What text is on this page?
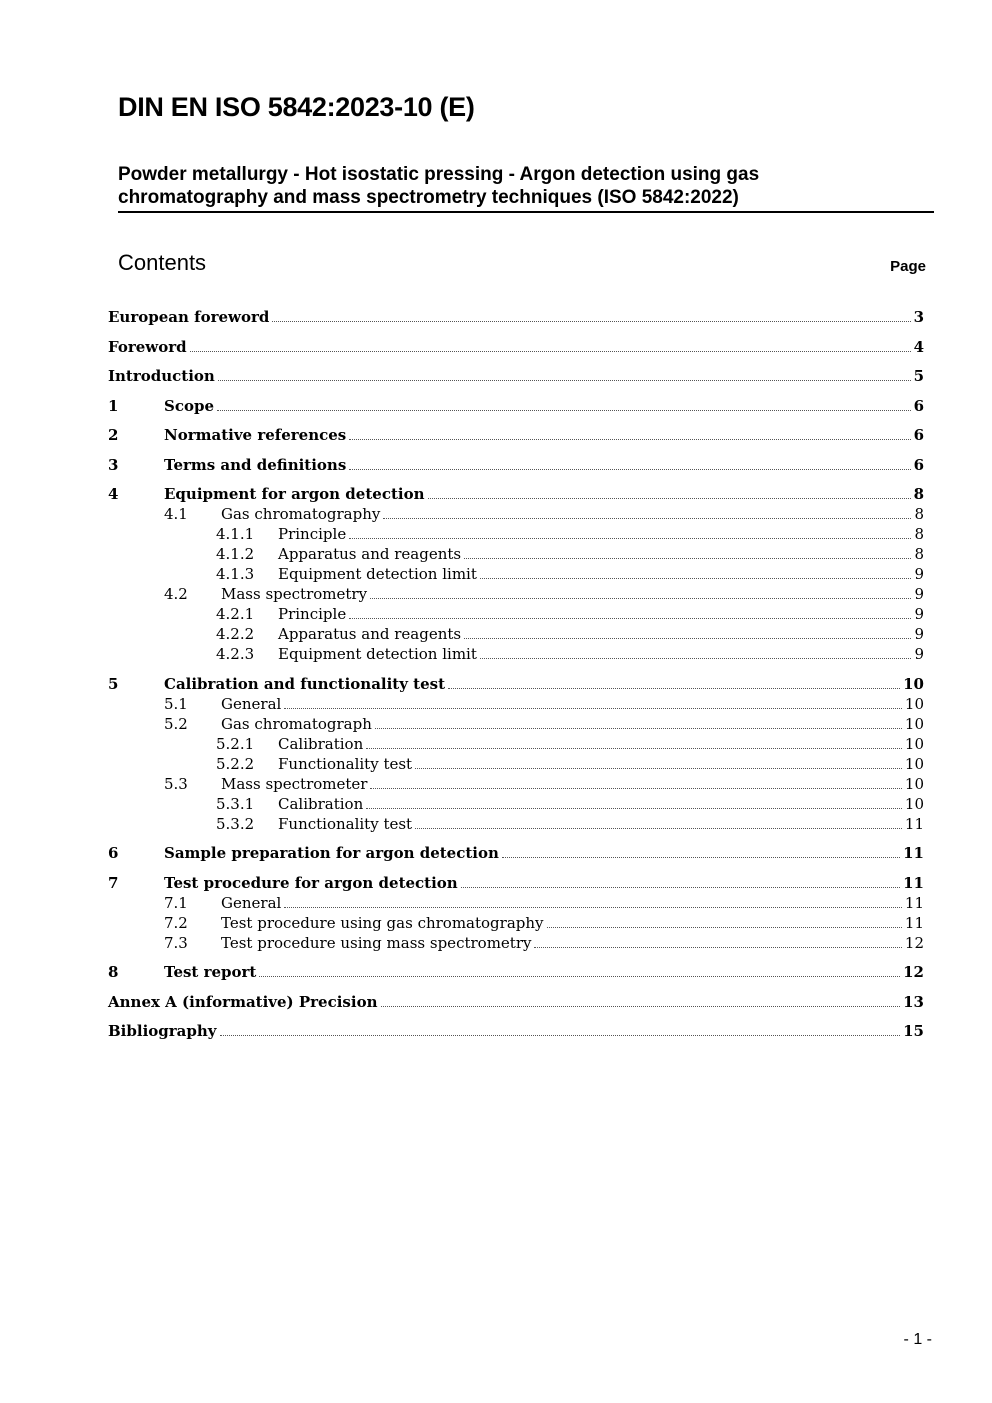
DIN EN ISO 5842:2023-10 (E)
Powder metallurgy - Hot isostatic pressing - Argon detection using gas
chromatography and mass spectrometry techniques (ISO 5842:2022)
Contents	Page
European foreword	3
Foreword	4
Introduction	5
1	Scope	6
2	Normative references	6
3	Terms and definitions	6
4	Equipment for argon detection	8
4.1	Gas chromatography	8
4.1.1	Principle	8
4.1.2	Apparatus and reagents	8
4.1.3	Equipment detection limit	9
4.2	Mass spectrometry	9
4.2.1	Principle	9
4.2.2	Apparatus and reagents	9
4.2.3	Equipment detection limit	9
5	Calibration and functionality test	10
5.1	General	10
5.2	Gas chromatograph	10
5.2.1	Calibration	10
5.2.2	Functionality test	10
5.3	Mass spectrometer	10
5.3.1	Calibration	10
5.3.2	Functionality test	11
6	Sample preparation for argon detection	11
7	Test procedure for argon detection	11
7.1	General	11
7.2	Test procedure using gas chromatography	11
7.3	Test procedure using mass spectrometry	12
8	Test report	12
Annex A (informative) Precision	13
Bibliography	15
- 1 -
